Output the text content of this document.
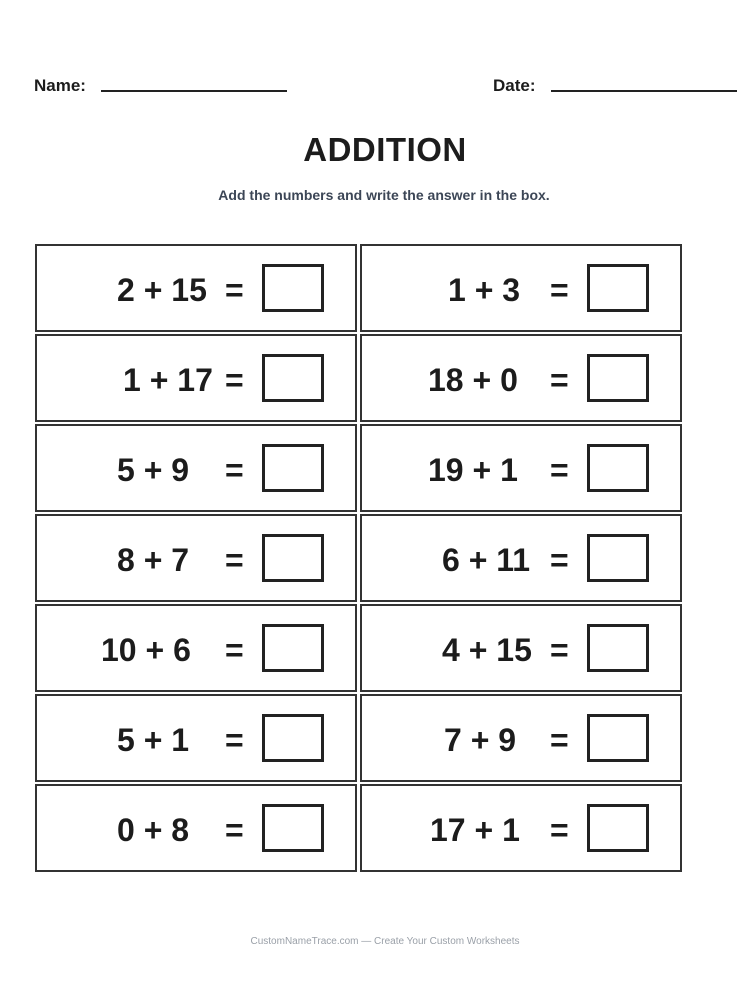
Name:	Date:
ADDITION
Add the numbers and write the answer in the box.
2 + 15 =	1 + 3 =
1 + 17 =	18 + 0 =
5 + 9 =	19 + 1 =
8 + 7 =	6 + 11 =
10 + 6 =	4 + 15 =
5 + 1 =	7 + 9 =
0 + 8 =	17 + 1 =
CustomNameTrace.com — Create Your Custom Worksheets
